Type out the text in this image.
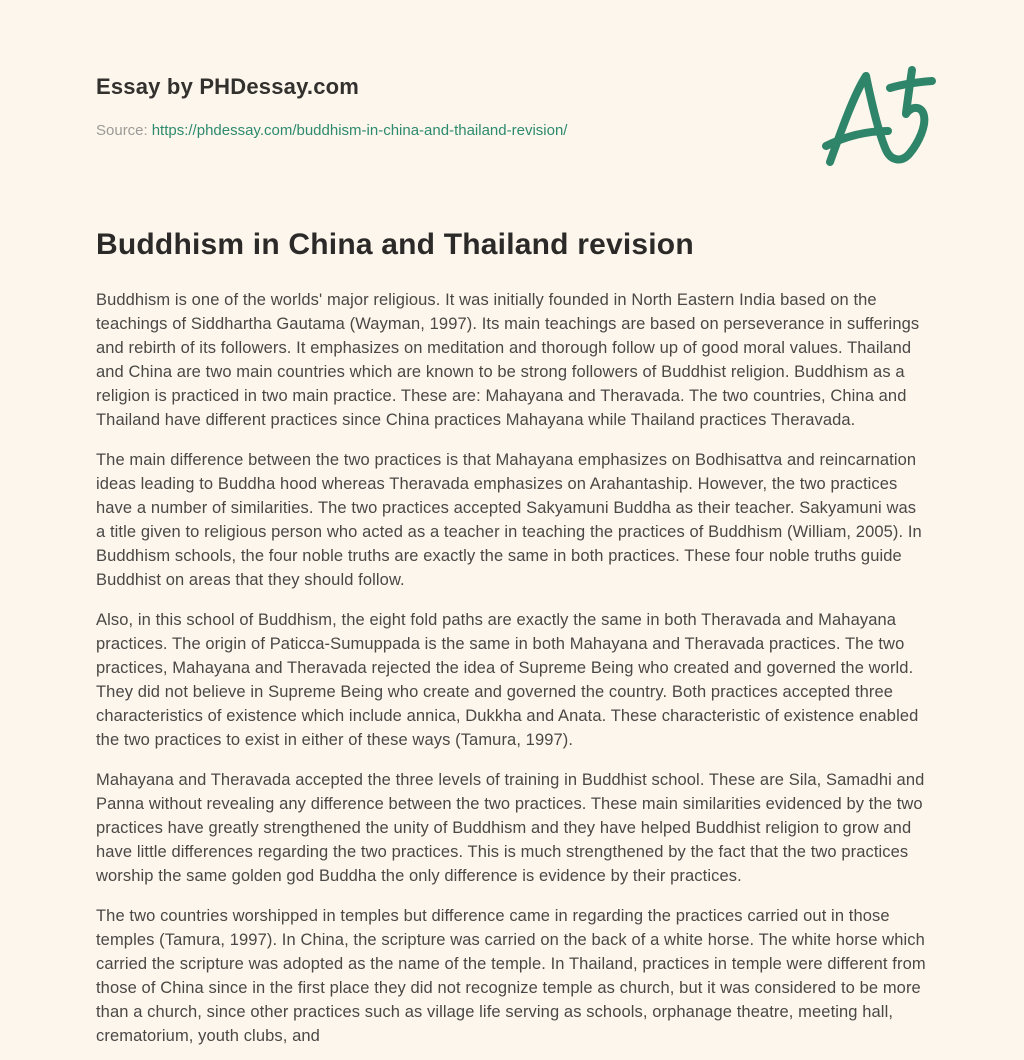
Essay by PHDessay.com
Source: https://phdessay.com/buddhism-in-china-and-thailand-revision/
Buddhism in China and Thailand revision

Buddhism is one of the worlds' major religious. It was initially founded in North Eastern India based on the teachings of Siddhartha Gautama (Wayman, 1997). Its main teachings are based on perseverance in sufferings and rebirth of its followers. It emphasizes on meditation and thorough follow up of good moral values. Thailand and China are two main countries which are known to be strong followers of Buddhist religion. Buddhism as a religion is practiced in two main practice. These are: Mahayana and Theravada. The two countries, China and Thailand have different practices since China practices Mahayana while Thailand practices Theravada.

The main difference between the two practices is that Mahayana emphasizes on Bodhisattva and reincarnation ideas leading to Buddha hood whereas Theravada emphasizes on Arahantaship. However, the two practices have a number of similarities. The two practices accepted Sakyamuni Buddha as their teacher. Sakyamuni was a title given to religious person who acted as a teacher in teaching the practices of Buddhism (William, 2005). In Buddhism schools, the four noble truths are exactly the same in both practices. These four noble truths guide Buddhist on areas that they should follow.

Also, in this school of Buddhism, the eight fold paths are exactly the same in both Theravada and Mahayana practices. The origin of Paticca-Sumuppada is the same in both Mahayana and Theravada practices. The two practices, Mahayana and Theravada rejected the idea of Supreme Being who created and governed the world. They did not believe in Supreme Being who create and governed the country. Both practices accepted three characteristics of existence which include annica, Dukkha and Anata. These characteristic of existence enabled the two practices to exist in either of these ways (Tamura, 1997).

Mahayana and Theravada accepted the three levels of training in Buddhist school. These are Sila, Samadhi and Panna without revealing any difference between the two practices. These main similarities evidenced by the two practices have greatly strengthened the unity of Buddhism and they have helped Buddhist religion to grow and have little differences regarding the two practices. This is much strengthened by the fact that the two practices worship the same golden god Buddha the only difference is evidence by their practices.

The two countries worshipped in temples but difference came in regarding the practices carried out in those temples (Tamura, 1997). In China, the scripture was carried on the back of a white horse. The white horse which carried the scripture was adopted as the name of the temple. In Thailand, practices in temple were different from those of China since in the first place they did not recognize temple as church, but it was considered to be more than a church, since other practices such as village life serving as schools, orphanage theatre, meeting hall, crematorium, youth clubs, and
